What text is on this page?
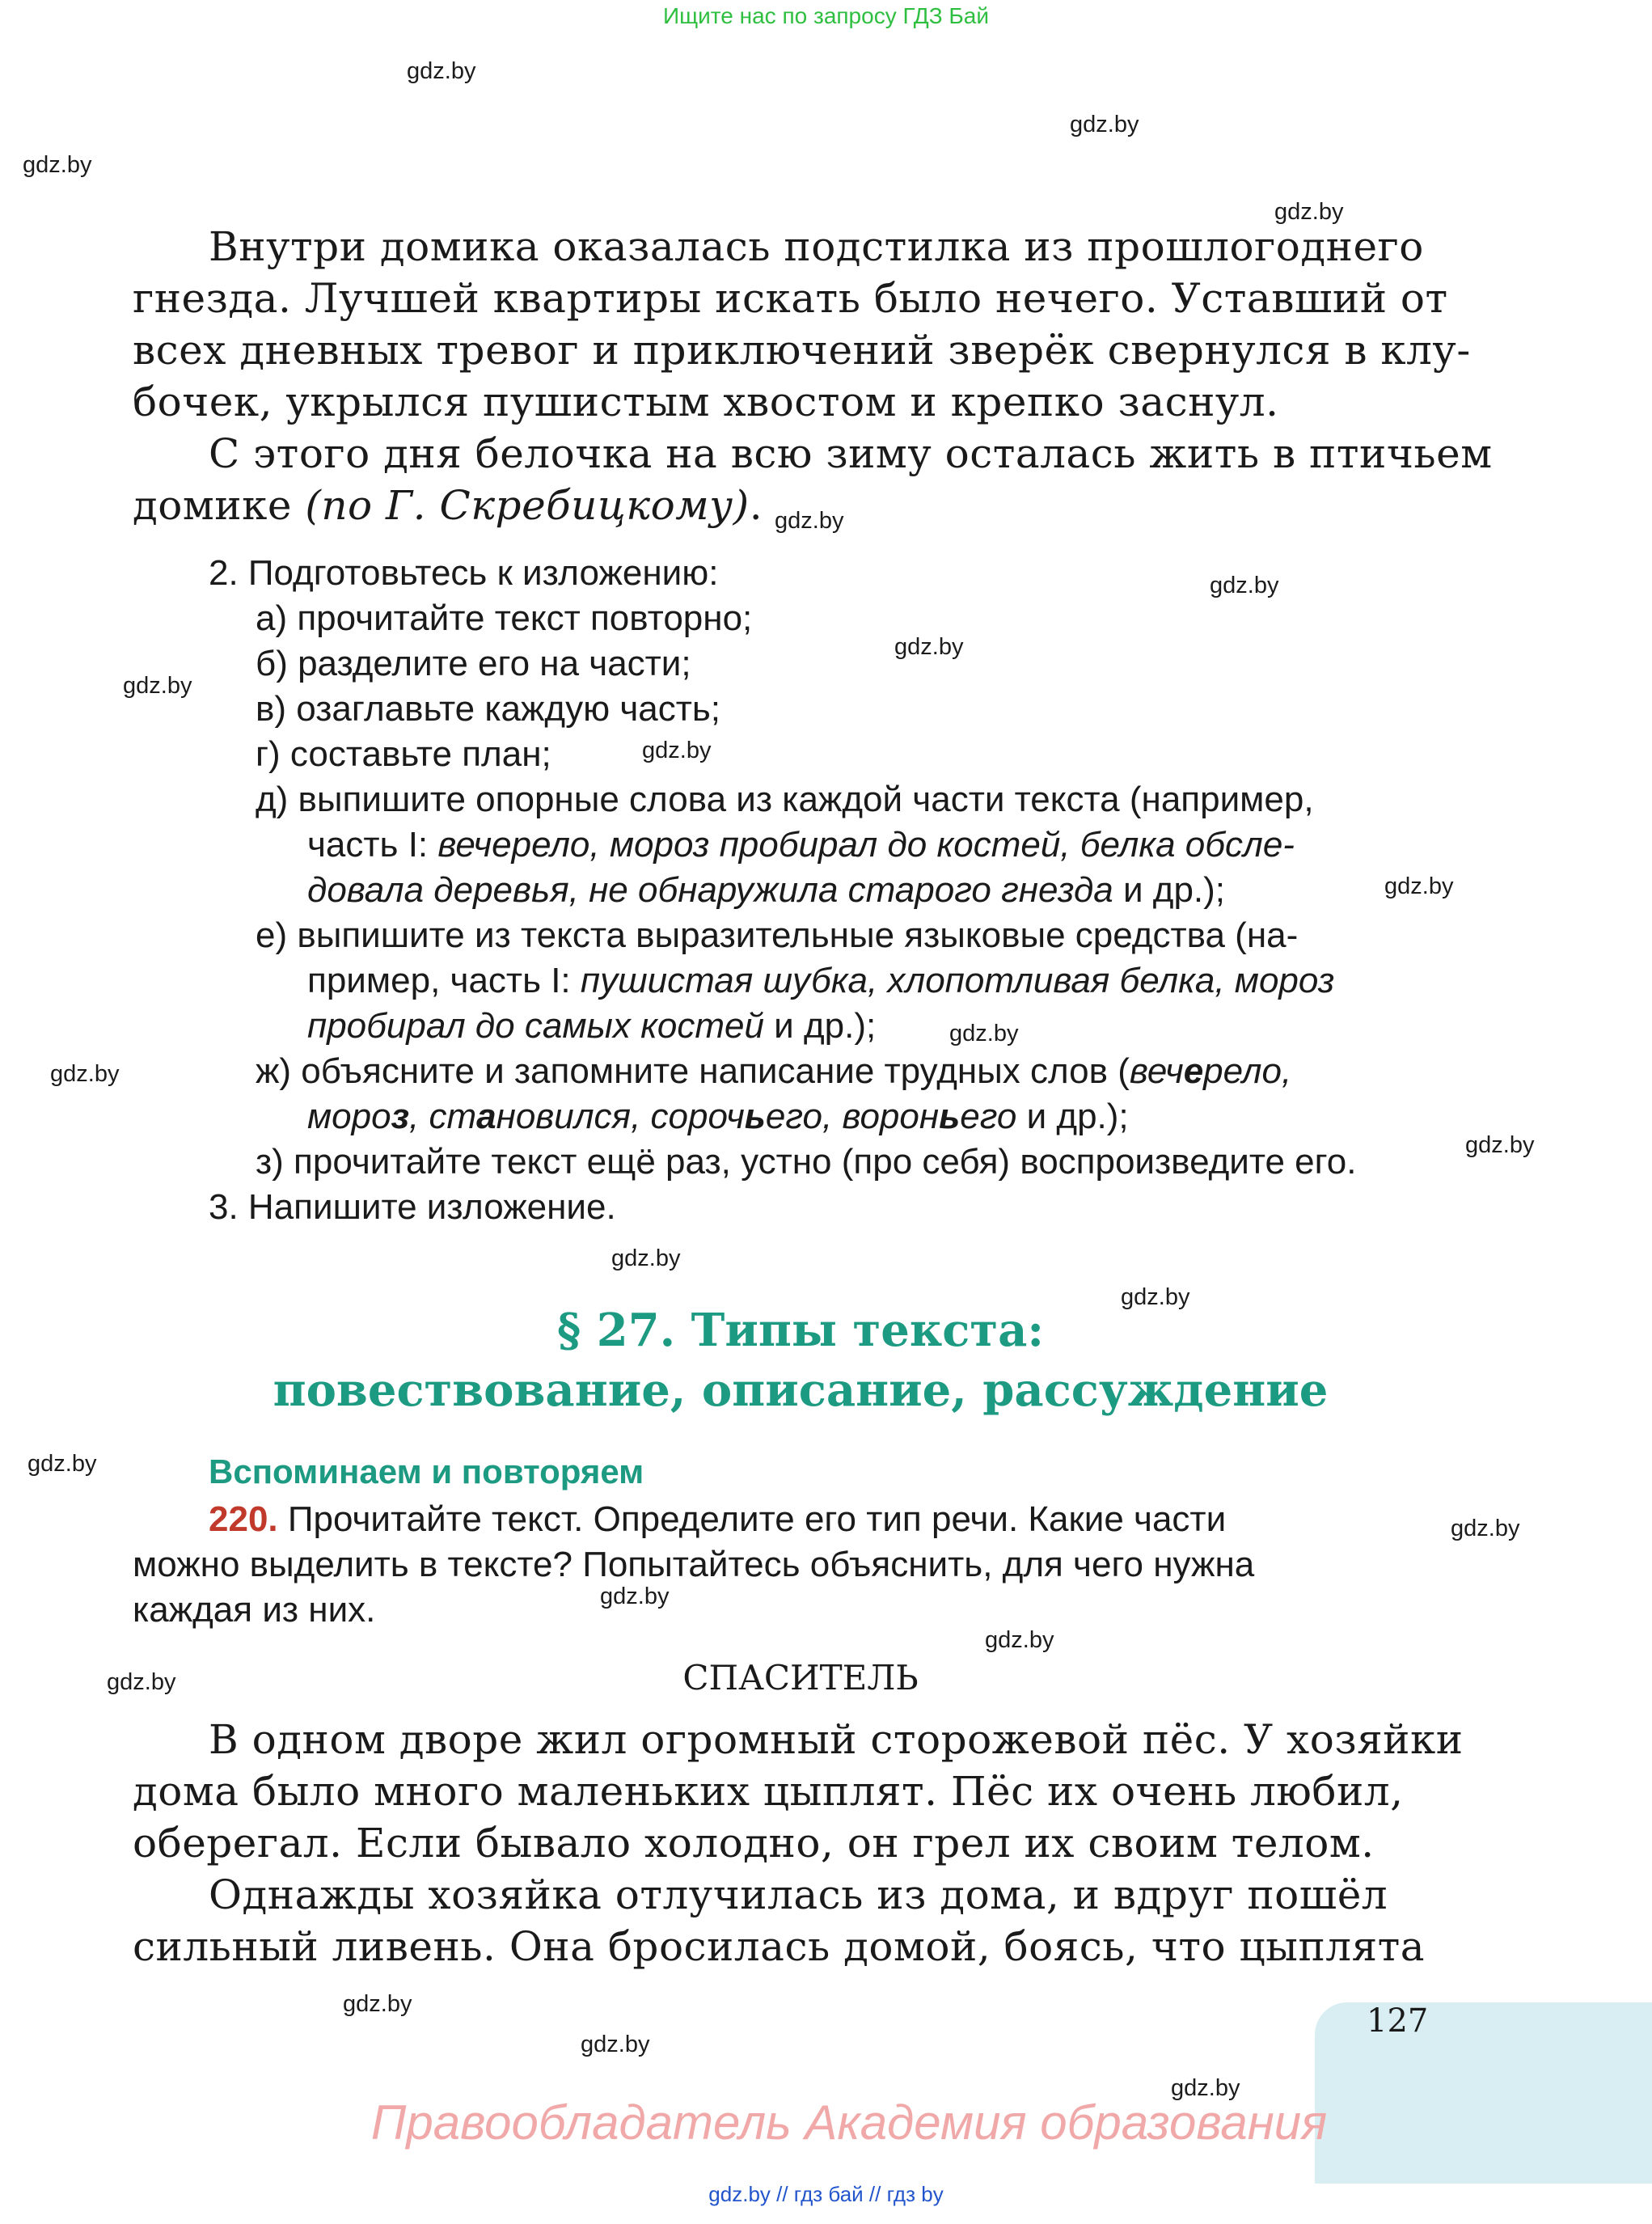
Ищите нас по запросу ГДЗ Бай
gdz.by
gdz.by
gdz.by
gdz.by
gdz.by
gdz.by
gdz.by
gdz.by
gdz.by
gdz.by
gdz.by
gdz.by
gdz.by
gdz.by
gdz.by
gdz.by
gdz.by
gdz.by
gdz.by
gdz.by
gdz.by
gdz.by
gdz.by
Внутри домика оказалась подстилка из прошлогоднего
гнезда. Лучшей квартиры искать было нечего. Уставший от
всех дневных тревог и приключений зверёк свернулся в клу-
бочек, укрылся пушистым хвостом и крепко заснул.
С этого дня белочка на всю зиму осталась жить в птичьем
домике (по Г. Скребицкому).
2. Подготовьтесь к изложению:
а) прочитайте текст повторно;
б) разделите его на части;
в) озаглавьте каждую часть;
г) составьте план;
д) выпишите опорные слова из каждой части текста (например,
часть I: вечерело, мороз пробирал до костей, белка обсле-
довала деревья, не обнаружила старого гнезда и др.);
е) выпишите из текста выразительные языковые средства (на-
пример, часть I: пушистая шубка, хлопотливая белка, мороз
пробирал до самых костей и др.);
ж) объясните и запомните написание трудных слов (вечерело,
мороз, становился, сорочьего, вороньего и др.);
з) прочитайте текст ещё раз, устно (про себя) воспроизведите его.
3. Напишите изложение.
§ 27. Типы текста:
повествование, описание, рассуждение
Вспоминаем и повторяем
220. Прочитайте текст. Определите его тип речи. Какие части
можно выделить в тексте? Попытайтесь объяснить, для чего нужна
каждая из них.
СПАСИТЕЛЬ
В одном дворе жил огромный сторожевой пёс. У хозяйки
дома было много маленьких цыплят. Пёс их очень любил,
оберегал. Если бывало холодно, он грел их своим телом.
Однажды хозяйка отлучилась из дома, и вдруг пошёл
сильный ливень. Она бросилась домой, боясь, что цыплята
127
Правообладатель Академия образования
gdz.by // гдз бай // гдз by
